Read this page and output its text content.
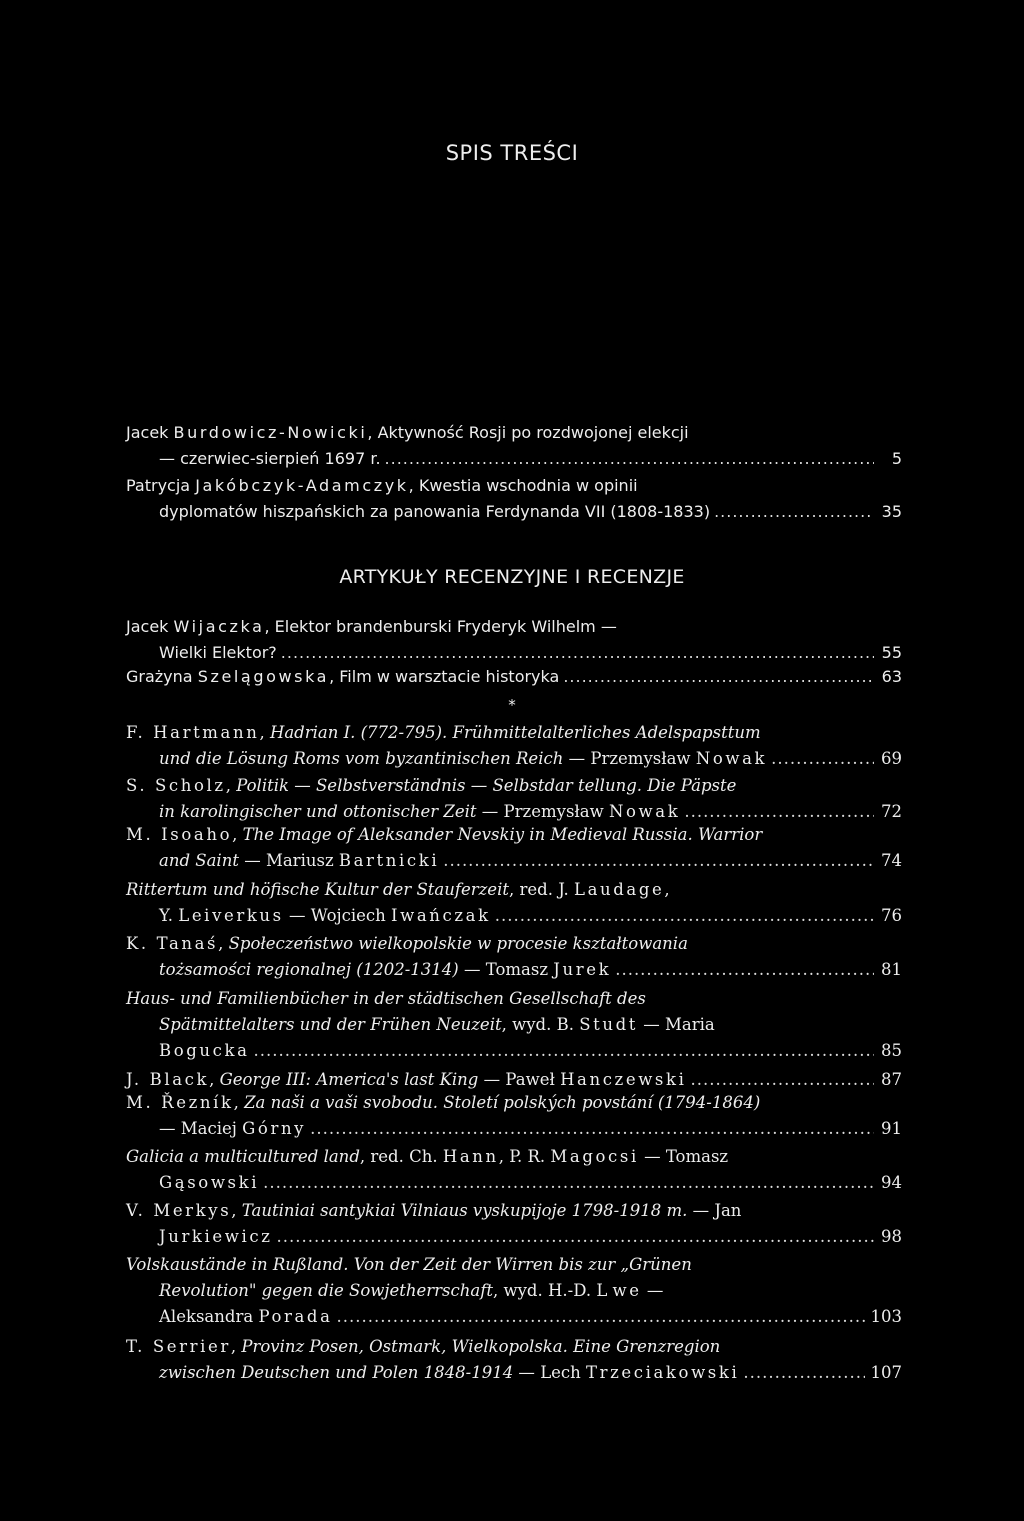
SPIS TREŚCI
Jacek Burdowicz-Nowicki, Aktywność Rosji po rozdwojonej elekcji
— czerwiec-sierpień 1697 r. .....	5
Patrycja Jakóbczyk-Adamczyk, Kwestia wschodnia w opinii
dyplomatów hiszpańskich za panowania Ferdynanda VII (1808-1833) .....	35
ARTYKUŁY RECENZYJNE I RECENZJE
Jacek Wijaczka, Elektor brandenburski Fryderyk Wilhelm —
Wielki Elektor? .....	55
Grażyna Szelągowska, Film w warsztacie historyka .....	63
*
F. Hartmann, Hadrian I. (772-795). Frühmittelalterliches Adelspapsttum
und die Lösung Roms vom byzantinischen Reich — Przemysław Nowak .....	69
S. Scholz, Politik — Selbstverständnis — Selbstdar tellung. Die Päpste
in karolingischer und ottonischer Zeit — Przemysław Nowak .....	72
M. Isoaho, The Image of Aleksander Nevskiy in Medieval Russia. Warrior
and Saint — Mariusz Bartnicki .....	74
Rittertum und höfische Kultur der Stauferzeit, red. J. Laudage,
Y. Leiverkus — Wojciech Iwańczak .....	76
K. Tanaś, Społeczeństwo wielkopolskie w procesie kształtowania
tożsamości regionalnej (1202-1314) — Tomasz Jurek .....	81
Haus- und Familienbücher in der städtischen Gesellschaft des
Spätmittelalters und der Frühen Neuzeit, wyd. B. Studt — Maria
Bogucka .....	85
J. Black, George III: America's last King — Paweł Hanczewski .....	87
M. Řezník, Za naši a vaši svobodu. Století polských povstání (1794-1864)
— Maciej Górny .....	91
Galicia a multicultured land, red. Ch. Hann, P. R. Magocsi — Tomasz
Gąsowski .....	94
V. Merkys, Tautiniai santykiai Vilniaus vyskupijoje 1798-1918 m. — Jan
Jurkiewicz .....	98
Volskaustände in Rußland. Von der Zeit der Wirren bis zur „Grünen
Revolution" gegen die Sowjetherrschaft, wyd. H.-D. L we —
Aleksandra Porada .....	103
T. Serrier, Provinz Posen, Ostmark, Wielkopolska. Eine Grenzregion
zwischen Deutschen und Polen 1848-1914 — Lech Trzeciakowski .....	107
